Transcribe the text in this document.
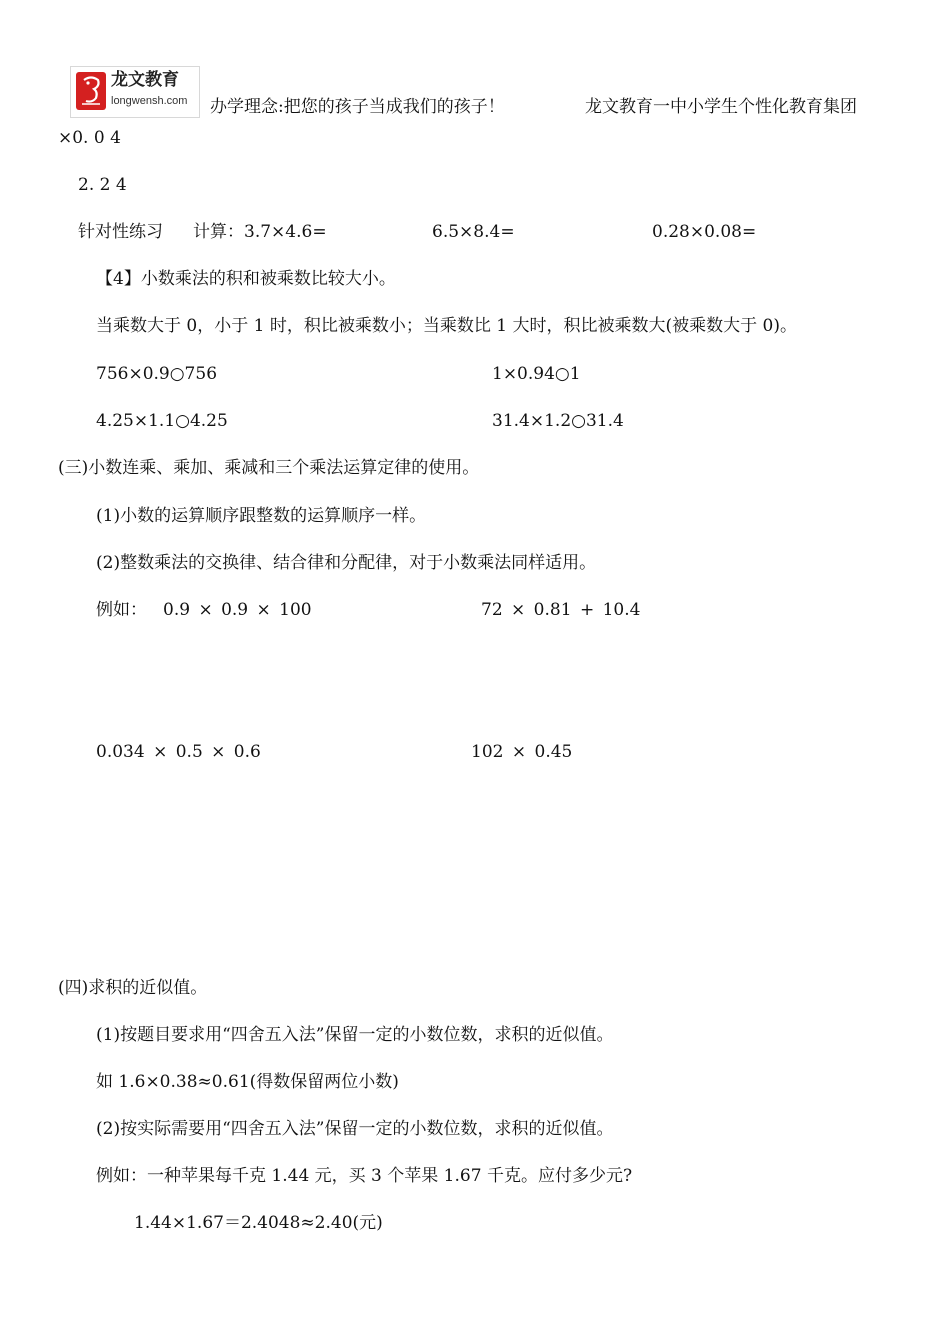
龙文教育
longwensh.com 办学理念:把您的孩子当成我们的孩子！	龙文教育一中小学生个性化教育集团
×0. 0 4
2. 2 4
针对性练习 计算：3.7×4.6=	6.5×8.4=	0.28×0.08=
【4】小数乘法的积和被乘数比较大小。
当乘数大于 0，小于 1 时，积比被乘数小；当乘数比 1 大时，积比被乘数大(被乘数大于 0)。
756×0.9○756	1×0.94○1
4.25×1.1○4.25	31.4×1.2○31.4
(三)小数连乘、乘加、乘减和三个乘法运算定律的使用。
(1)小数的运算顺序跟整数的运算顺序一样。
(2)整数乘法的交换律、结合律和分配律，对于小数乘法同样适用。
例如： 0.9 × 0.9 × 100	72 × 0.81 + 10.4
0.034 × 0.5 × 0.6	102 × 0.45
(四)求积的近似值。
(1)按题目要求用“四舍五入法”保留一定的小数位数，求积的近似值。
如 1.6×0.38≈0.61(得数保留两位小数)
(2)按实际需要用“四舍五入法”保留一定的小数位数，求积的近似值。
例如：一种苹果每千克 1.44 元，买 3 个苹果 1.67 千克。应付多少元?
1.44×1.67＝2.4048≈2.40(元)
